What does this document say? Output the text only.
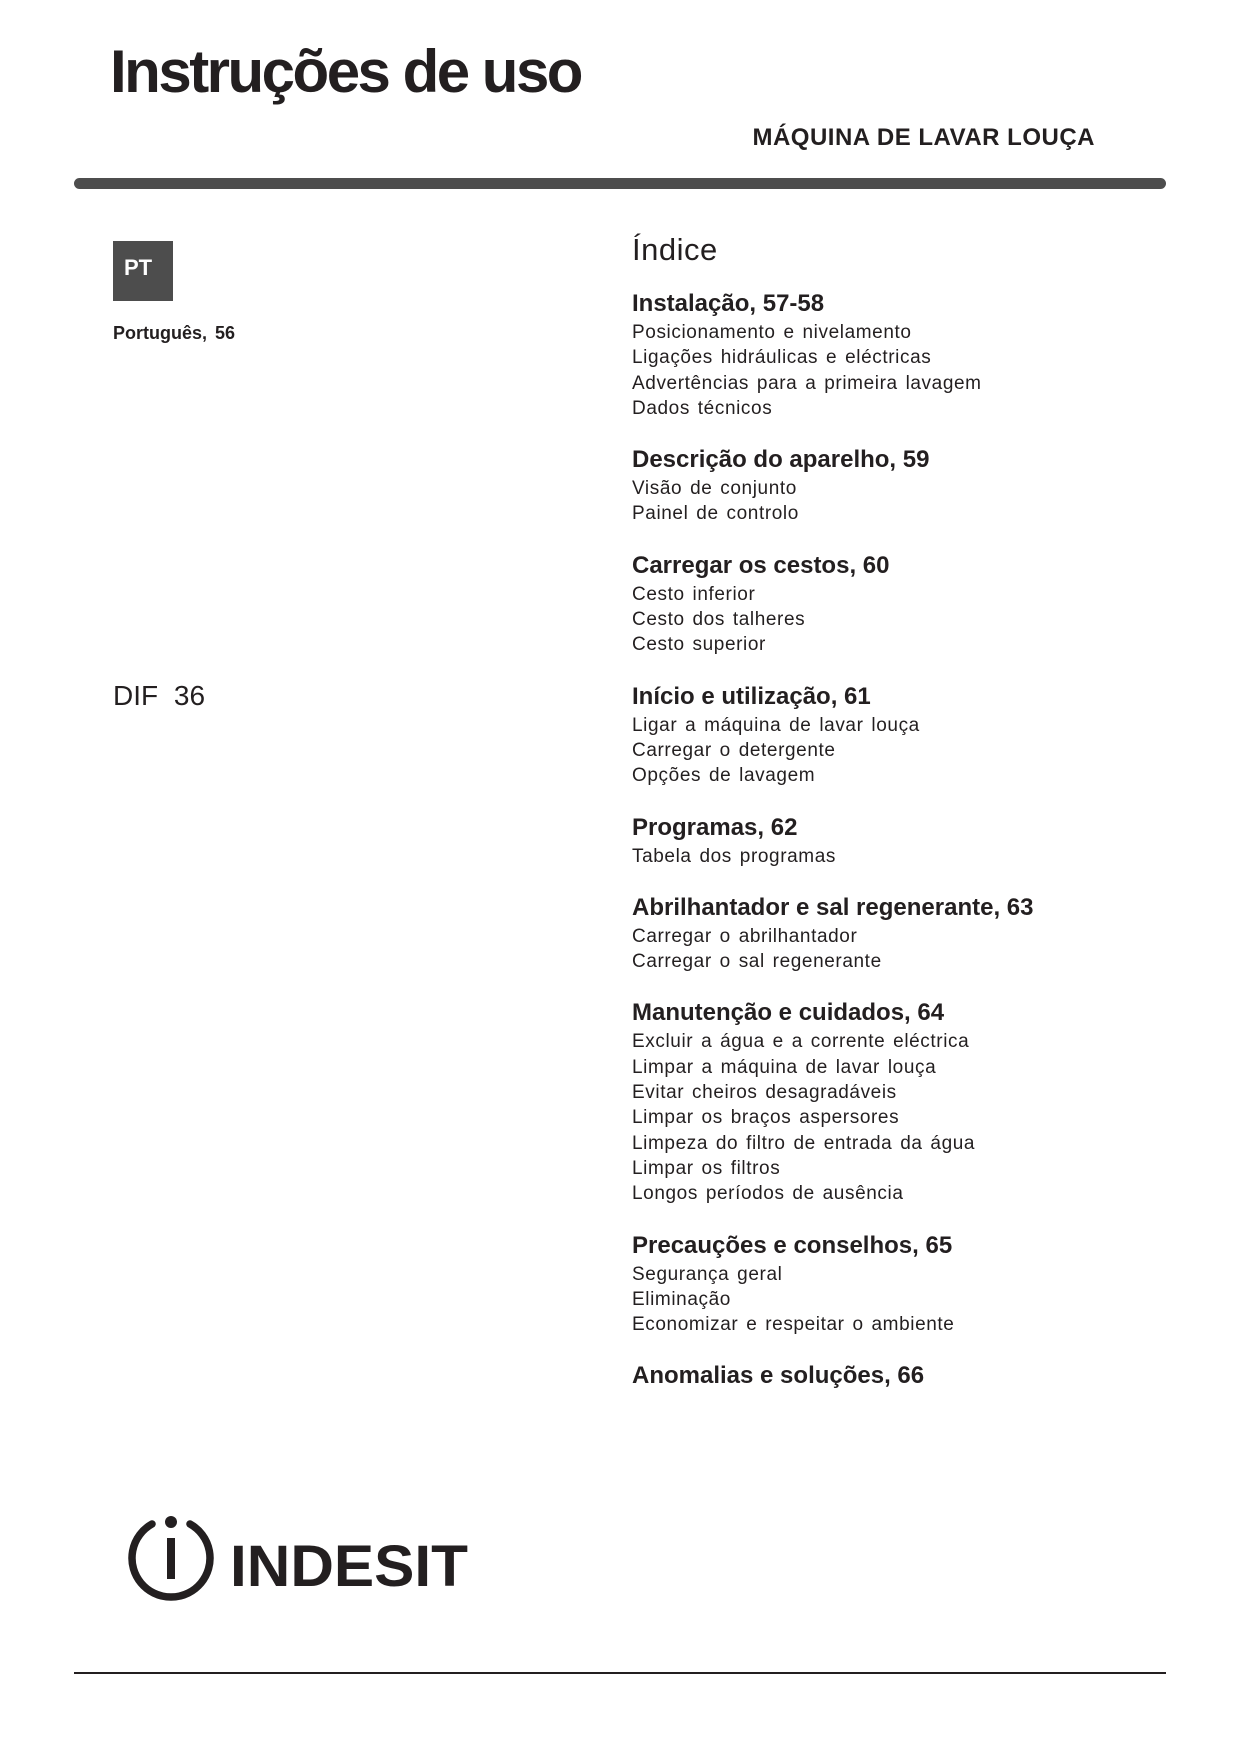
Instruções de uso
MÁQUINA DE LAVAR LOUÇA
PT
Português, 56
DIF 36
Índice
Instalação, 57-58
Posicionamento e nivelamento
Ligações hidráulicas e eléctricas
Advertências para a primeira lavagem
Dados técnicos
Descrição do aparelho, 59
Visão de conjunto
Painel de controlo
Carregar os cestos, 60
Cesto inferior
Cesto dos talheres
Cesto superior
Início e utilização, 61
Ligar a máquina de lavar louça
Carregar o detergente
Opções de lavagem
Programas, 62
Tabela dos programas
Abrilhantador e sal regenerante, 63
Carregar o abrilhantador
Carregar o sal regenerante
Manutenção e cuidados, 64
Excluir a água e a corrente eléctrica
Limpar a máquina de lavar louça
Evitar cheiros desagradáveis
Limpar os braços aspersores
Limpeza do filtro de entrada da água
Limpar os filtros
Longos períodos de ausência
Precauções e conselhos, 65
Segurança geral
Eliminação
Economizar e respeitar o ambiente
Anomalias e soluções, 66
INDESIT
